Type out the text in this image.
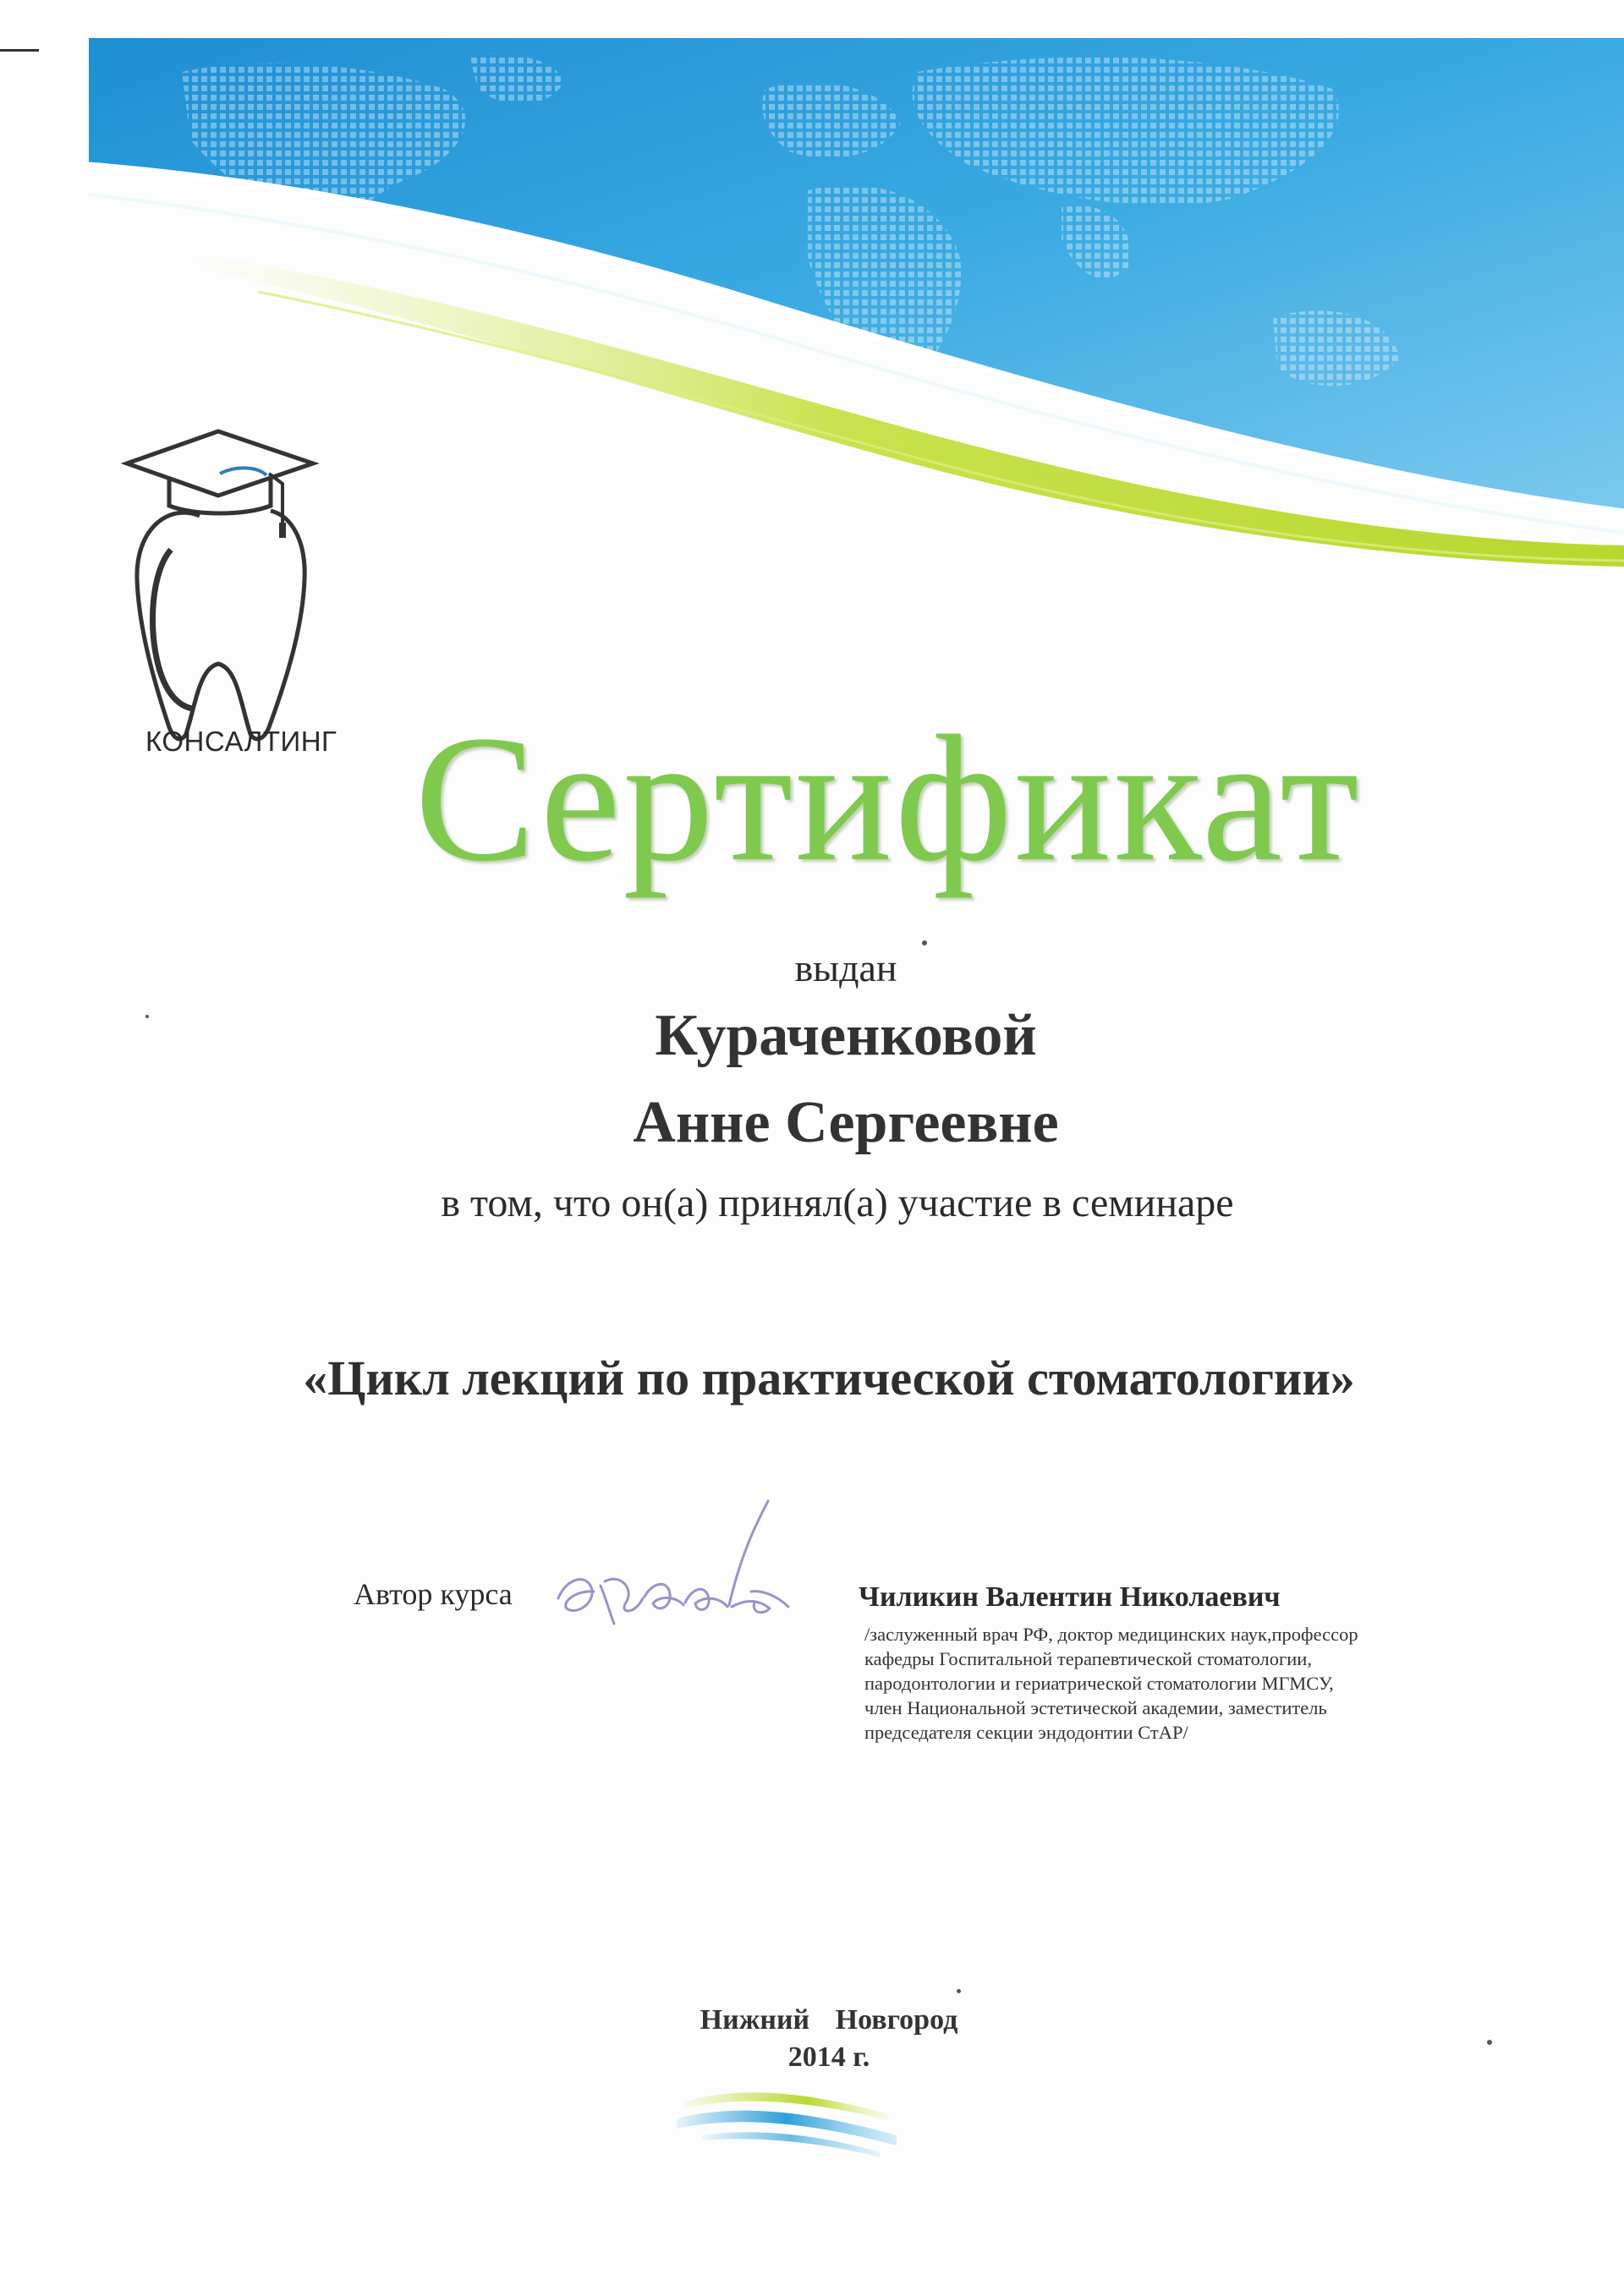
КОНСАЛТИНГ Сертификат
выдан
Кураченковой
Анне Сергеевне
в том, что он(а) принял(а) участие в семинаре
«Цикл лекций по практической стоматологии»
Автор курса	Чиликин Валентин Николаевич
/заслуженный врач РФ, доктор медицинских наук,профессор
кафедры Госпитальной терапевтической стоматологии,
пародонтологии и гериатрической стоматологии МГМСУ,
член Национальной эстетической академии, заместитель
председателя секции эндодонтии СтАР/
Нижний Новгород
2014 г.
